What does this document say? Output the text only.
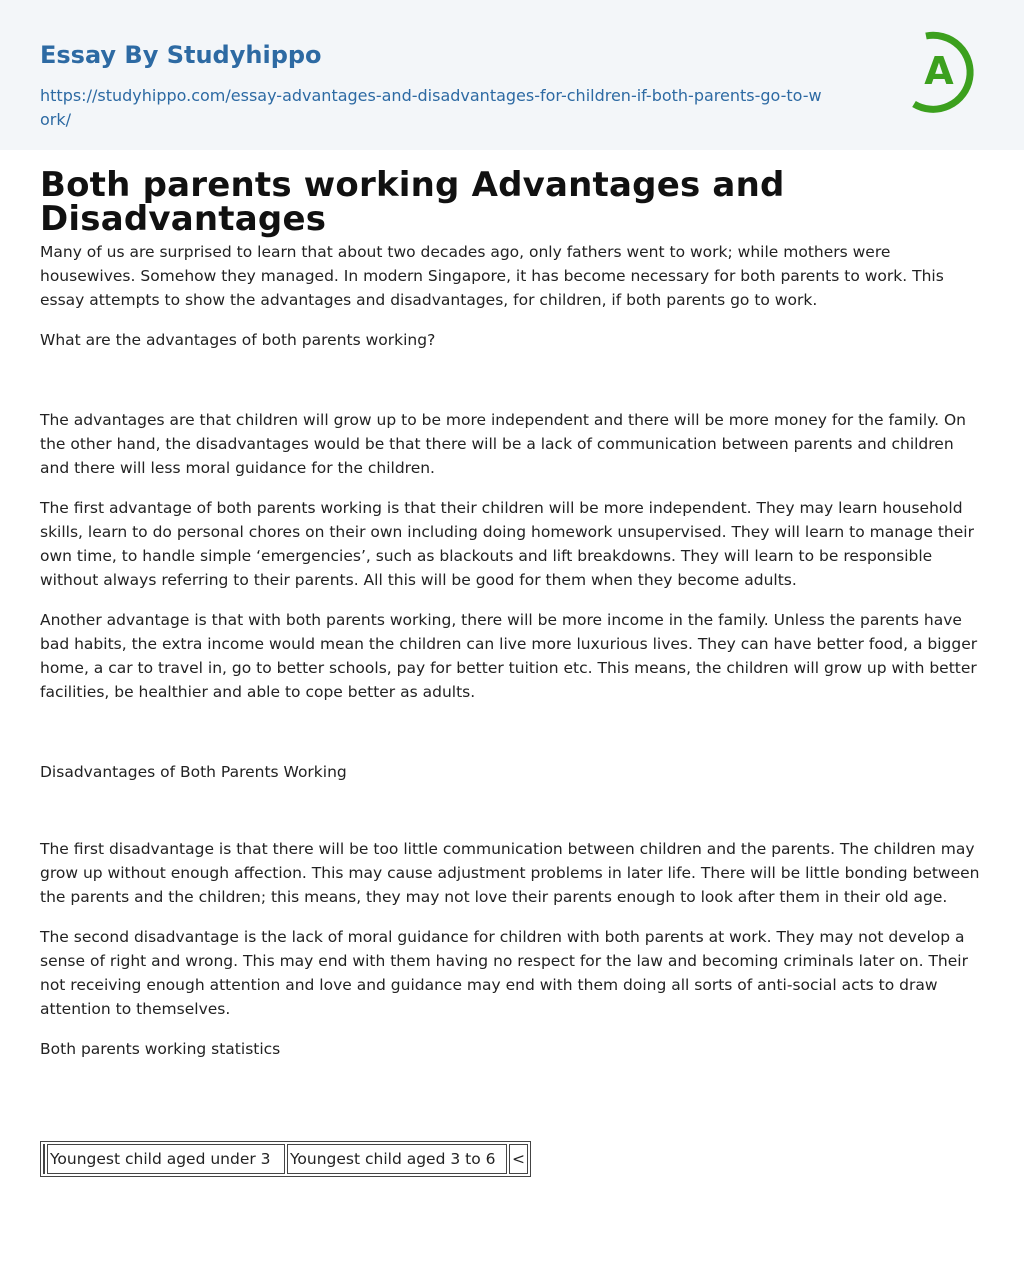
Essay By Studyhippo
https://studyhippo.com/essay-advantages-and-disadvantages-for-children-if-both-parents-go-to-work/
A
Both parents working Advantages and Disadvantages

Many of us are surprised to learn that about two decades ago, only fathers went to work; while mothers were housewives. Somehow they managed. In modern Singapore, it has become necessary for both parents to work. This essay attempts to show the advantages and disadvantages, for children, if both parents go to work.

What are the advantages of both parents working?

The advantages are that children will grow up to be more independent and there will be more money for the family. On the other hand, the disadvantages would be that there will be a lack of communication between parents and children and there will less moral guidance for the children.

The first advantage of both parents working is that their children will be more independent. They may learn household skills, learn to do personal chores on their own including doing homework unsupervised. They will learn to manage their own time, to handle simple ‘emergencies’, such as blackouts and lift breakdowns. They will learn to be responsible without always referring to their parents. All this will be good for them when they become adults.

Another advantage is that with both parents working, there will be more income in the family. Unless the parents have bad habits, the extra income would mean the children can live more luxurious lives. They can have better food, a bigger home, a car to travel in, go to better schools, pay for better tuition etc. This means, the children will grow up with better facilities, be healthier and able to cope better as adults.

Disadvantages of Both Parents Working

The first disadvantage is that there will be too little communication between children and the parents. The children may grow up without enough affection. This may cause adjustment problems in later life. There will be little bonding between the parents and the children; this means, they may not love their parents enough to look after them in their old age.

The second disadvantage is the lack of moral guidance for children with both parents at work. They may not develop a sense of right and wrong. This may end with them having no respect for the law and becoming criminals later on. Their not receiving enough attention and love and guidance may end with them doing all sorts of anti-social acts to draw attention to themselves.

Both parents working statistics

	Youngest child aged under 3	Youngest child aged 3 to 6	<
